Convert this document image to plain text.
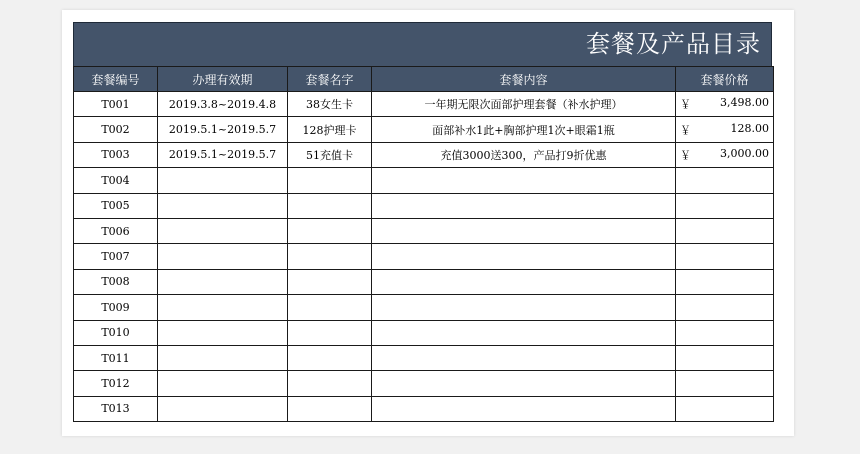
套餐及产品目录
套餐编号	办理有效期	套餐名字	套餐内容	套餐价格
T001	2019.3.8~2019.4.8	38女生卡	一年期无限次面部护理套餐（补水护理）	￥ 3,498.00

T002	2019.5.1~2019.5.7	128护理卡	面部补水1此+胸部护理1次+眼霜1瓶	￥ 128.00

T003	2019.5.1~2019.5.7	51充值卡	充值3000送300，产品打9折优惠	￥ 3,000.00

T004				
T005				
T006				
T007				
T008				
T009				
T010				
T011				
T012				
T013				
